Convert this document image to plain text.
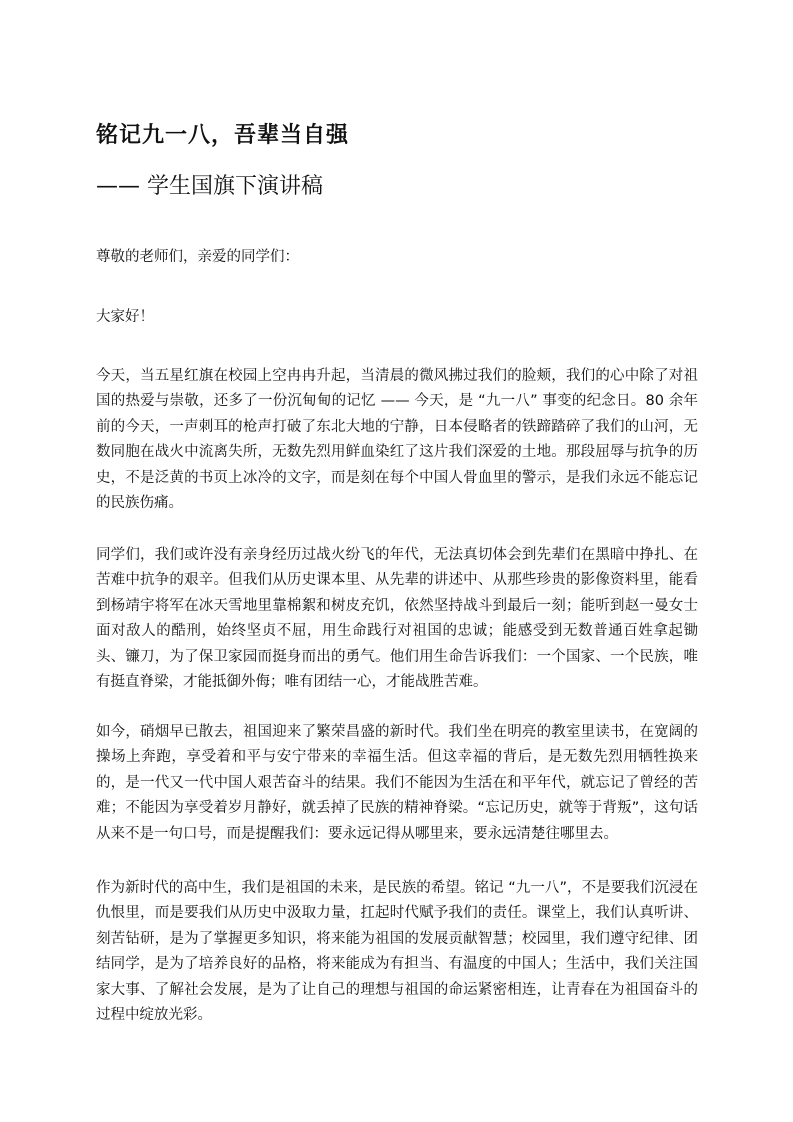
铭记九一八，吾辈当自强
—— 学生国旗下演讲稿

尊敬的老师们，亲爱的同学们：

大家好！

今天，当五星红旗在校园上空冉冉升起，当清晨的微风拂过我们的脸颊，我们的心中除了对祖国的热爱与崇敬，还多了一份沉甸甸的记忆 —— 今天，是 “九一八” 事变的纪念日。80 余年前的今天，一声刺耳的枪声打破了东北大地的宁静，日本侵略者的铁蹄踏碎了我们的山河，无数同胞在战火中流离失所，无数先烈用鲜血染红了这片我们深爱的土地。那段屈辱与抗争的历史，不是泛黄的书页上冰冷的文字，而是刻在每个中国人骨血里的警示，是我们永远不能忘记的民族伤痛。

同学们，我们或许没有亲身经历过战火纷飞的年代，无法真切体会到先辈们在黑暗中挣扎、在苦难中抗争的艰辛。但我们从历史课本里、从先辈的讲述中、从那些珍贵的影像资料里，能看到杨靖宇将军在冰天雪地里靠棉絮和树皮充饥，依然坚持战斗到最后一刻；能听到赵一曼女士面对敌人的酷刑，始终坚贞不屈，用生命践行对祖国的忠诚；能感受到无数普通百姓拿起锄头、镰刀，为了保卫家园而挺身而出的勇气。他们用生命告诉我们：一个国家、一个民族，唯有挺直脊梁，才能抵御外侮；唯有团结一心，才能战胜苦难。

如今，硝烟早已散去，祖国迎来了繁荣昌盛的新时代。我们坐在明亮的教室里读书，在宽阔的操场上奔跑，享受着和平与安宁带来的幸福生活。但这幸福的背后，是无数先烈用牺牲换来的，是一代又一代中国人艰苦奋斗的结果。我们不能因为生活在和平年代，就忘记了曾经的苦难；不能因为享受着岁月静好，就丢掉了民族的精神脊梁。“忘记历史，就等于背叛”，这句话从来不是一句口号，而是提醒我们：要永远记得从哪里来，要永远清楚往哪里去。

作为新时代的高中生，我们是祖国的未来，是民族的希望。铭记 “九一八”，不是要我们沉浸在仇恨里，而是要我们从历史中汲取力量，扛起时代赋予我们的责任。课堂上，我们认真听讲、刻苦钻研，是为了掌握更多知识，将来能为祖国的发展贡献智慧；校园里，我们遵守纪律、团结同学，是为了培养良好的品格，将来能成为有担当、有温度的中国人；生活中，我们关注国家大事、了解社会发展，是为了让自己的理想与祖国的命运紧密相连，让青春在为祖国奋斗的过程中绽放光彩。
